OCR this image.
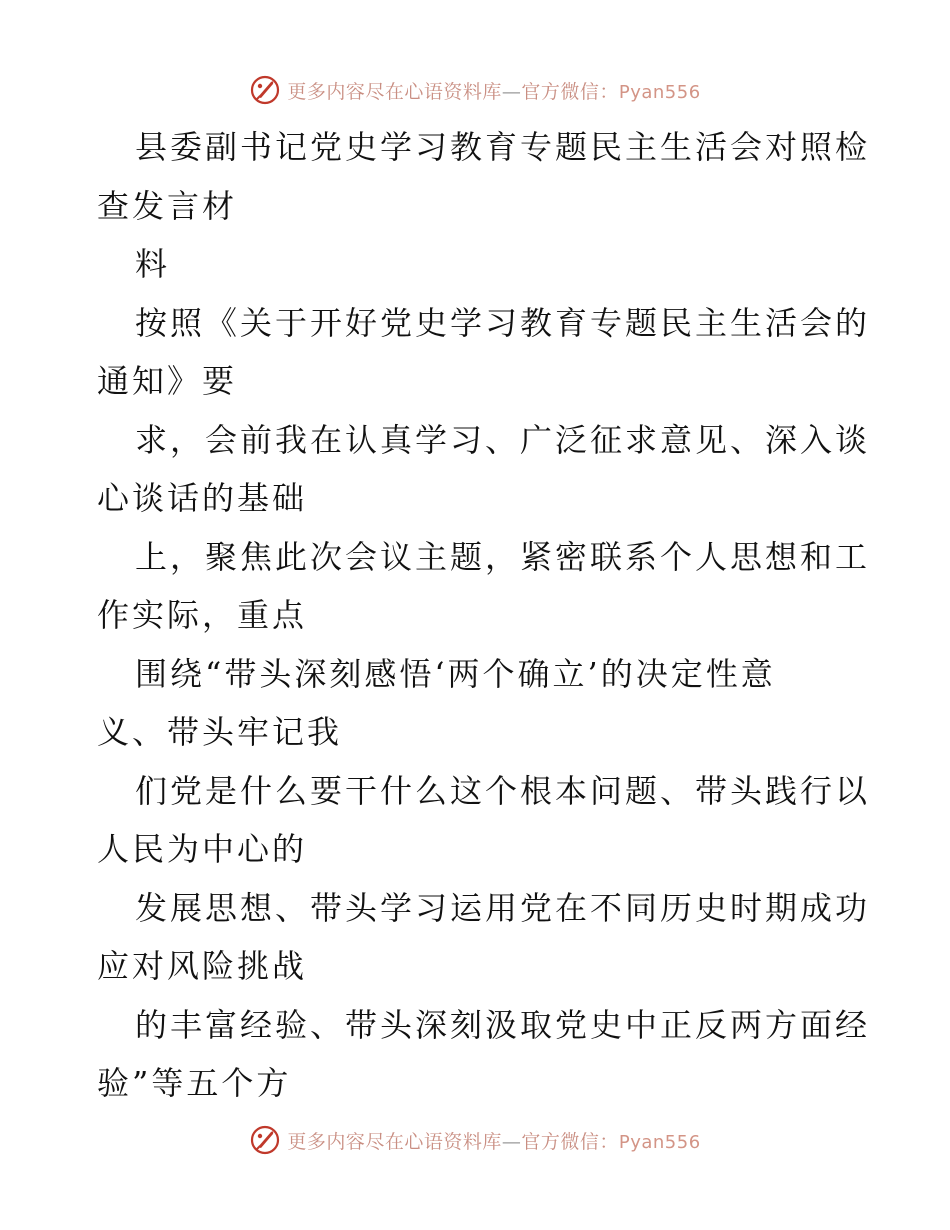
更多内容尽在心语资料库—官方微信：Pyan556
县委副书记党史学习教育专题民主生活会对照检
查发言材
料
按照《关于开好党史学习教育专题民主生活会的
通知》要
求，会前我在认真学习、广泛征求意见、深入谈
心谈话的基础
上，聚焦此次会议主题，紧密联系个人思想和工
作实际，重点
围绕“带头深刻感悟‘两个确立’的决定性意
义、带头牢记我
们党是什么要干什么这个根本问题、带头践行以
人民为中心的
发展思想、带头学习运用党在不同历史时期成功
应对风险挑战
的丰富经验、带头深刻汲取党史中正反两方面经
验”等五个方
更多内容尽在心语资料库—官方微信：Pyan556
